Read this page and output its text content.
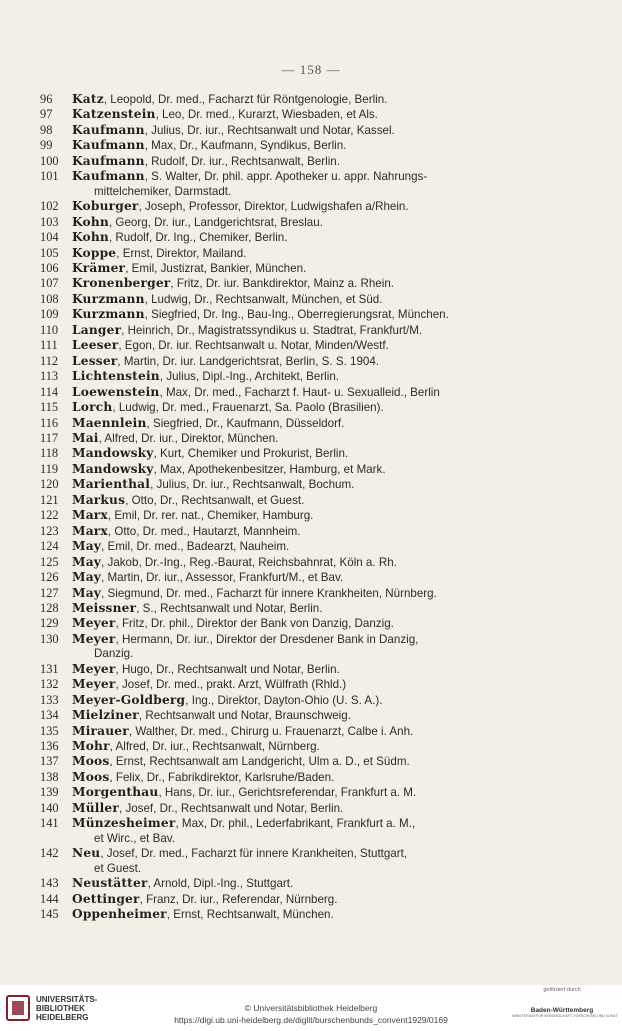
— 158 —
96	Katz, Leopold, Dr. med., Facharzt für Röntgenologie, Berlin.
97	Katzenstein, Leo, Dr. med., Kurarzt, Wiesbaden, et Als.
98	Kaufmann, Julius, Dr. iur., Rechtsanwalt und Notar, Kassel.
99	Kaufmann, Max, Dr., Kaufmann, Syndikus, Berlin.
100	Kaufmann, Rudolf, Dr. iur., Rechtsanwalt, Berlin.
101	Kaufmann, S. Walter, Dr. phil. appr. Apotheker u. appr. Nahrungs-
mittelchemiker, Darmstadt.
102	Koburger, Joseph, Professor, Direktor, Ludwigshafen a/Rhein.
103	Kohn, Georg, Dr. iur., Landgerichtsrat, Breslau.
104	Kohn, Rudolf, Dr. Ing., Chemiker, Berlin.
105	Koppe, Ernst, Direktor, Mailand.
106	Krämer, Emil, Justizrat, Bankier, München.
107	Kronenberger, Fritz, Dr. iur. Bankdirektor, Mainz a. Rhein.
108	Kurzmann, Ludwig, Dr., Rechtsanwalt, München, et Süd.
109	Kurzmann, Siegfried, Dr. Ing., Bau-Ing., Oberregierungsrat, München.
110	Langer, Heinrich, Dr., Magistratssyndikus u. Stadtrat, Frankfurt/M.
111	Leeser, Egon, Dr. iur. Rechtsanwalt u. Notar, Minden/Westf.
112	Lesser, Martin, Dr. iur. Landgerichtsrat, Berlin, S. S. 1904.
113	Lichtenstein, Julius, Dipl.-Ing., Architekt, Berlin.
114	Loewenstein, Max, Dr. med., Facharzt f. Haut- u. Sexualleid., Berlin
115	Lorch, Ludwig, Dr. med., Frauenarzt, Sa. Paolo (Brasilien).
116	Maennlein, Siegfried, Dr., Kaufmann, Düsseldorf.
117	Mai, Alfred, Dr. iur., Direktor, München.
118	Mandowsky, Kurt, Chemiker und Prokurist, Berlin.
119	Mandowsky, Max, Apothekenbesitzer, Hamburg, et Mark.
120	Marienthal, Julius, Dr. iur., Rechtsanwalt, Bochum.
121	Markus, Otto, Dr., Rechtsanwalt, et Guest.
122	Marx, Emil, Dr. rer. nat., Chemiker, Hamburg.
123	Marx, Otto, Dr. med., Hautarzt, Mannheim.
124	May, Emil, Dr. med., Badearzt, Nauheim.
125	May, Jakob, Dr.-Ing., Reg.-Baurat, Reichsbahnrat, Köln a. Rh.
126	May, Martin, Dr. iur., Assessor, Frankfurt/M., et Bav.
127	May, Siegmund, Dr. med., Facharzt für innere Krankheiten, Nürnberg.
128	Meissner, S., Rechtsanwalt und Notar, Berlin.
129	Meyer, Fritz, Dr. phil., Direktor der Bank von Danzig, Danzig.
130	Meyer, Hermann, Dr. iur., Direktor der Dresdener Bank in Danzig,
Danzig.
131	Meyer, Hugo, Dr., Rechtsanwalt und Notar, Berlin.
132	Meyer, Josef, Dr. med., prakt. Arzt, Wülfrath (Rhld.)
133	Meyer-Goldberg, Ing., Direktor, Dayton-Ohio (U. S. A.).
134	Mielziner, Rechtsanwalt und Notar, Braunschweig.
135	Mirauer, Walther, Dr. med., Chirurg u. Frauenarzt, Calbe i. Anh.
136	Mohr, Alfred, Dr. iur., Rechtsanwalt, Nürnberg.
137	Moos, Ernst, Rechtsanwalt am Landgericht, Ulm a. D., et Südm.
138	Moos, Felix, Dr., Fabrikdirektor, Karlsruhe/Baden.
139	Morgenthau, Hans, Dr. iur., Gerichtsreferendar, Frankfurt a. M.
140	Müller, Josef, Dr., Rechtsanwalt und Notar, Berlin.
141	Münzesheimer, Max, Dr. phil., Lederfabrikant, Frankfurt a. M.,
et Wirc., et Bav.
142	Neu, Josef, Dr. med., Facharzt für innere Krankheiten, Stuttgart,
et Guest.
143	Neustätter, Arnold, Dipl.-Ing., Stuttgart.
144	Oettinger, Franz, Dr. iur., Referendar, Nürnberg.
145	Oppenheimer, Ernst, Rechtsanwalt, München.
UNIVERSITÄTS-
BIBLIOTHEK
HEIDELBERG
© Universitätsbibliothek Heidelberg
https://digi.ub.uni-heidelberg.de/diglit/burschenbunds_convent1929/0169
gefördert durch
Baden-Württemberg
MINISTERIUM FÜR WISSENSCHAFT, FORSCHUNG UND KUNST
